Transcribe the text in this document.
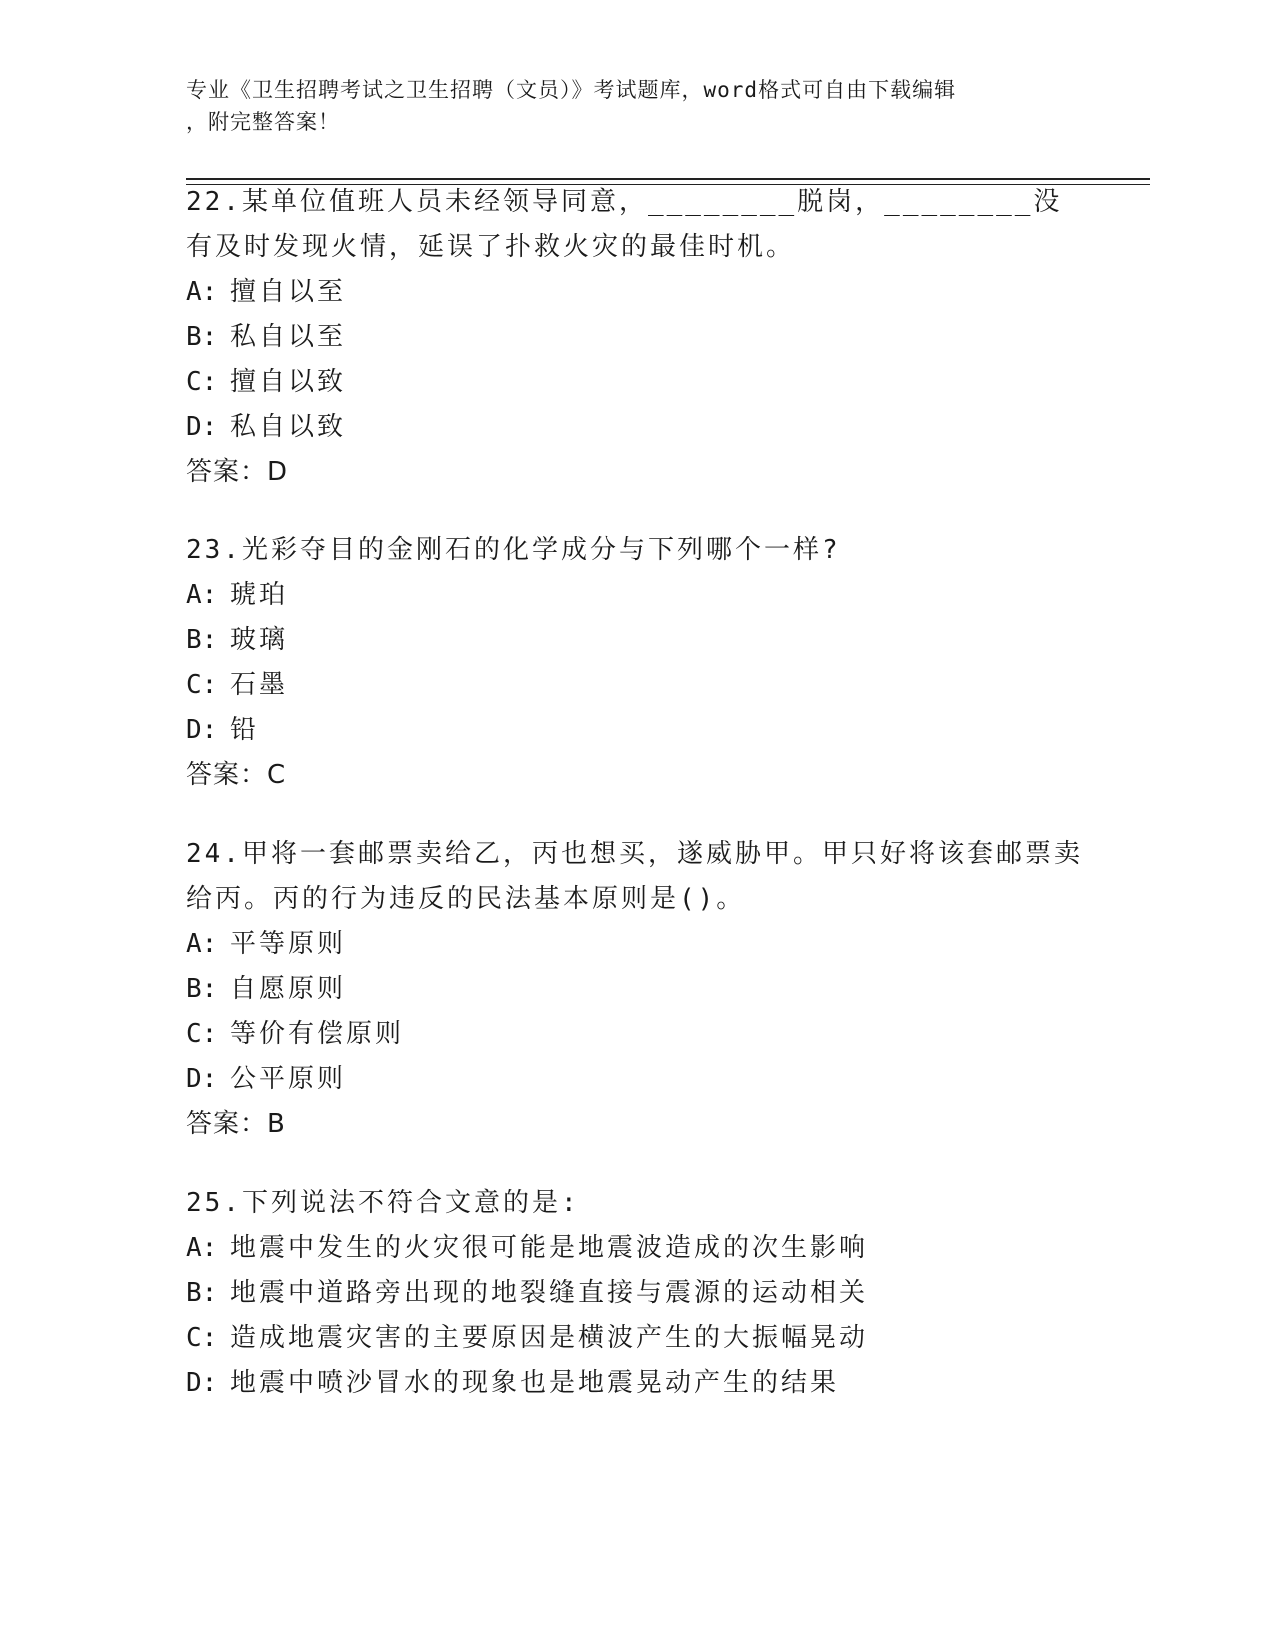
专业《卫生招聘考试之卫生招聘（文员）》考试题库，word格式可自由下载编辑
，附完整答案！
22.某单位值班人员未经领导同意，________脱岗，________没有及时发现火情，延误了扑救火灾的最佳时机。
A: 擅自以至
B: 私自以至
C: 擅自以致
D: 私自以致
答案：D
23.光彩夺目的金刚石的化学成分与下列哪个一样?
A: 琥珀
B: 玻璃
C: 石墨
D: 铅
答案：C
24.甲将一套邮票卖给乙，丙也想买，遂威胁甲。甲只好将该套邮票卖给丙。丙的行为违反的民法基本原则是()。
A: 平等原则
B: 自愿原则
C: 等价有偿原则
D: 公平原则
答案：B
25.下列说法不符合文意的是:
A: 地震中发生的火灾很可能是地震波造成的次生影响
B: 地震中道路旁出现的地裂缝直接与震源的运动相关
C: 造成地震灾害的主要原因是横波产生的大振幅晃动
D: 地震中喷沙冒水的现象也是地震晃动产生的结果
